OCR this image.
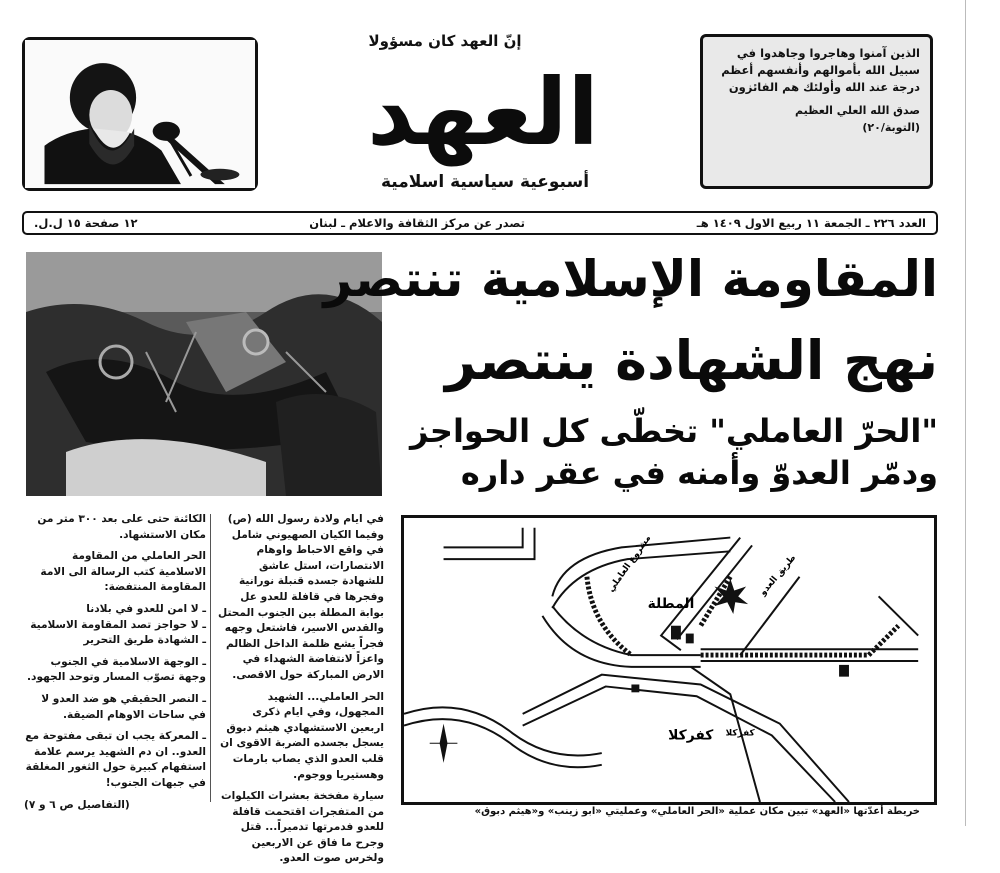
إنّ العهد كان مسؤولا
العهد
أسبوعية سياسية اسلامية
الذين آمنوا وهاجروا وجاهدوا في سبيل الله بأموالهم وأنفسهم أعظم درجة عند الله وأولئك هم الفائزون
صدق الله العلي العظيم
(التوبة/٢٠)
العدد ٢٢٦ ـ الجمعة ١١ ربيع الاول ١٤٠٩ هـ
تصدر عن مركز الثقافة والاعلام ـ لبنان
١٢ صفحة ١٥ ل.ل.
المقاومة الإسلامية تنتصر
نهج الشهادة ينتصر
"الحرّ العاملي" تخطّى كل الحواجز
ودمّر العدوّ وأمنه في عقر داره

في ايام ولادة رسول الله (ص) وفيما الكيان الصهيوني شامل في واقع الاحباط واوهام الانتصارات، استل عاشق للشهادة جسده قنبلة نورانية وفجرها في قافلة للعدو عل بوابة المطلة بين الجنوب المحتل والقدس الاسير، فاشتعل وجهه فجراً يشع ظلمة الداخل الظالم واعزاً لانتفاضة الشهداء في الارض المباركة حول الاقصى.

الحر العاملي... الشهيد المجهول، وفي ايام ذكرى اربعين الاستشهادي هيثم دبوق يسجل بجسده الضربة الاقوى ان قلب العدو الذي يصاب بارمات وهستيريا ووجوم.

سيارة مفخخة بعشرات الكيلوات من المتفجرات اقتحمت قافلة للعدو فدمرتها تدميراً... قتل وجرح ما فاق عن الاربعين ولخرس صوت العدو.

الكائنة حتى على بعد ٣٠٠ متر من مكان الاستشهاد.

الحر العاملي من المقاومة الاسلامية كتب الرسالة الى الامة المقاومة المنتفضة:

ـ لا امن للعدو في بلادنا

ـ لا حواجز تصد المقاومة الاسلامية

ـ الشهادة طريق التحرير

ـ الوجهة الاسلامية في الجنوب وجهة تصوّب المسار وتوحد الجهود.

ـ النصر الحقيقي هو ضد العدو لا في ساحات الاوهام الضيقة.

ـ المعركة يجب ان تبقى مفتوحة مع العدو.. ان دم الشهيد يرسم علامة استفهام كبيرة حول الثغور المغلقة في جبهات الجنوب!

(التفاصيل ص ٦ و ٧)

المطلة
كفركلا كفركلا
مشروع العاملي	طريق العدو
خريطة أعدّتها «العهد» تبين مكان عملية «الحر العاملي» وعمليتي «ابو زينب» و«هيثم دبوق»
